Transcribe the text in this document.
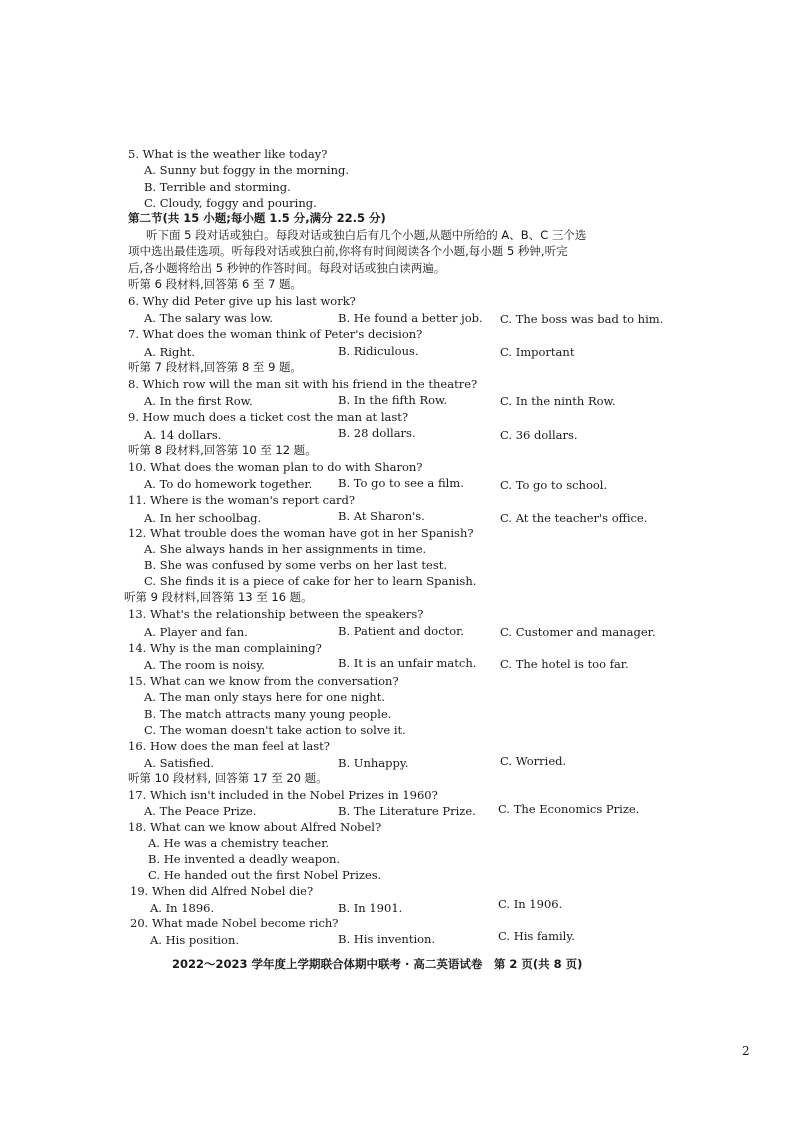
5. What is the weather like today?
A. Sunny but foggy in the morning.
B. Terrible and storming.
C. Cloudy, foggy and pouring.
第二节(共 15 小题;每小题 1.5 分,满分 22.5 分)
听下面 5 段对话或独白。每段对话或独白后有几个小题,从题中所给的 A、B、C 三个选
项中选出最佳选项。听每段对话或独白前,你将有时间阅读各个小题,每小题 5 秒钟,听完
后,各小题将给出 5 秒钟的作答时间。每段对话或独白读两遍。
听第 6 段材料,回答第 6 至 7 题。
6. Why did Peter give up his last work?
A. The salary was low.	B. He found a better job. C. The boss was bad to him.
7. What does the woman think of Peter's decision?
A. Right.	B. Ridiculous.	C. Important
听第 7 段材料,回答第 8 至 9 题。
8. Which row will the man sit with his friend in the theatre?
A. In the first Row.	B. In the fifth Row.	C. In the ninth Row.
9. How much does a ticket cost the man at last?
A. 14 dollars.	B. 28 dollars.	C. 36 dollars.
听第 8 段材料,回答第 10 至 12 题。
10. What does the woman plan to do with Sharon?
A. To do homework together. B. To go to see a film.	C. To go to school.
11. Where is the woman's report card?
A. In her schoolbag.	B. At Sharon's.	C. At the teacher's office.
12. What trouble does the woman have got in her Spanish?
A. She always hands in her assignments in time.
B. She was confused by some verbs on her last test.
C. She finds it is a piece of cake for her to learn Spanish.
听第 9 段材料,回答第 13 至 16 题。
13. What's the relationship between the speakers?
A. Player and fan.	B. Patient and doctor.	C. Customer and manager.
14. Why is the man complaining?
A. The room is noisy.	B. It is an unfair match. C. The hotel is too far.
15. What can we know from the conversation?
A. The man only stays here for one night.
B. The match attracts many young people.
C. The woman doesn't take action to solve it.
16. How does the man feel at last?
A. Satisfied.	B. Unhappy.	C. Worried.
听第 10 段材料, 回答第 17 至 20 题。
17. Which isn't included in the Nobel Prizes in 1960?
A. The Peace Prize.	B. The Literature Prize. C. The Economics Prize.
18. What can we know about Alfred Nobel?
A. He was a chemistry teacher.
B. He invented a deadly weapon.
C. He handed out the first Nobel Prizes.
19. When did Alfred Nobel die?
A. In 1896.	B. In 1901.	C. In 1906.
20. What made Nobel become rich?
A. His position.	B. His invention.	C. His family.
2022～2023 学年度上学期联合体期中联考 · 高二英语试卷　第 2 页(共 8 页)
2
